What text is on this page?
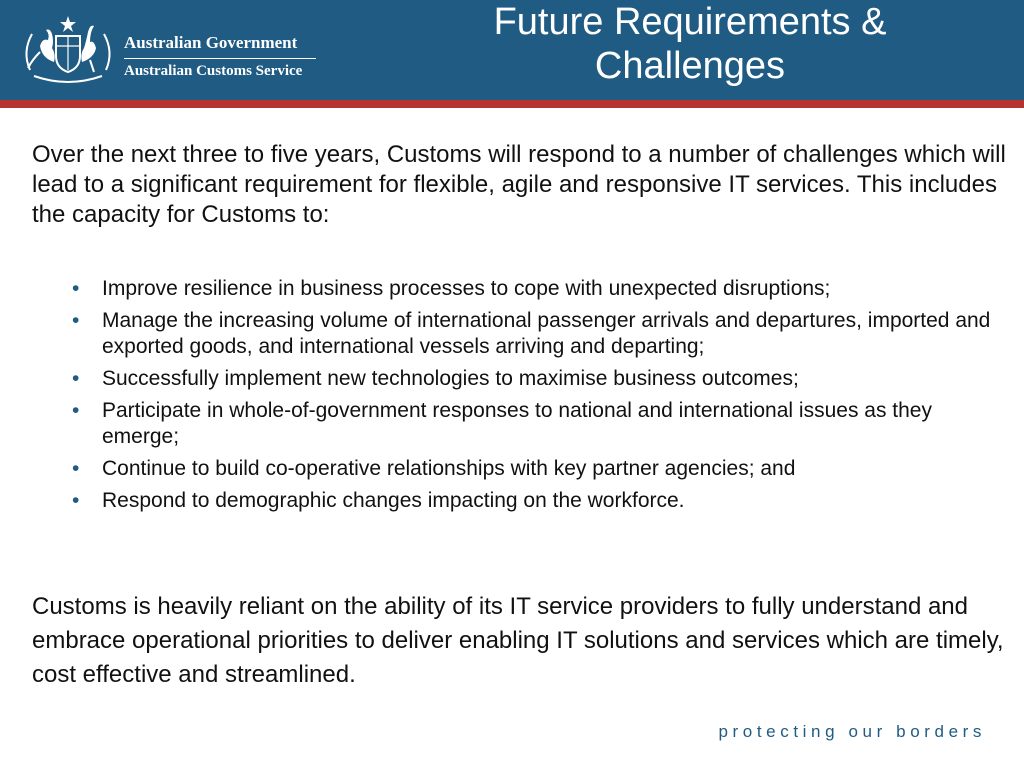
Australian Government
Australian Customs Service
Future Requirements &
Challenges

Over the next three to five years, Customs will respond to a number of challenges which will lead to a significant requirement for flexible, agile and responsive IT services. This includes the capacity for Customs to:

• Improve resilience in business processes to cope with unexpected disruptions;
• Manage the increasing volume of international passenger arrivals and departures, imported and exported goods, and international vessels arriving and departing;
• Successfully implement new technologies to maximise business outcomes;
• Participate in whole-of-government responses to national and international issues as they emerge;
• Continue to build co-operative relationships with key partner agencies; and
• Respond to demographic changes impacting on the workforce.

Customs is heavily reliant on the ability of its IT service providers to fully understand and embrace operational priorities to deliver enabling IT solutions and services which are timely, cost effective and streamlined.

protecting our borders
